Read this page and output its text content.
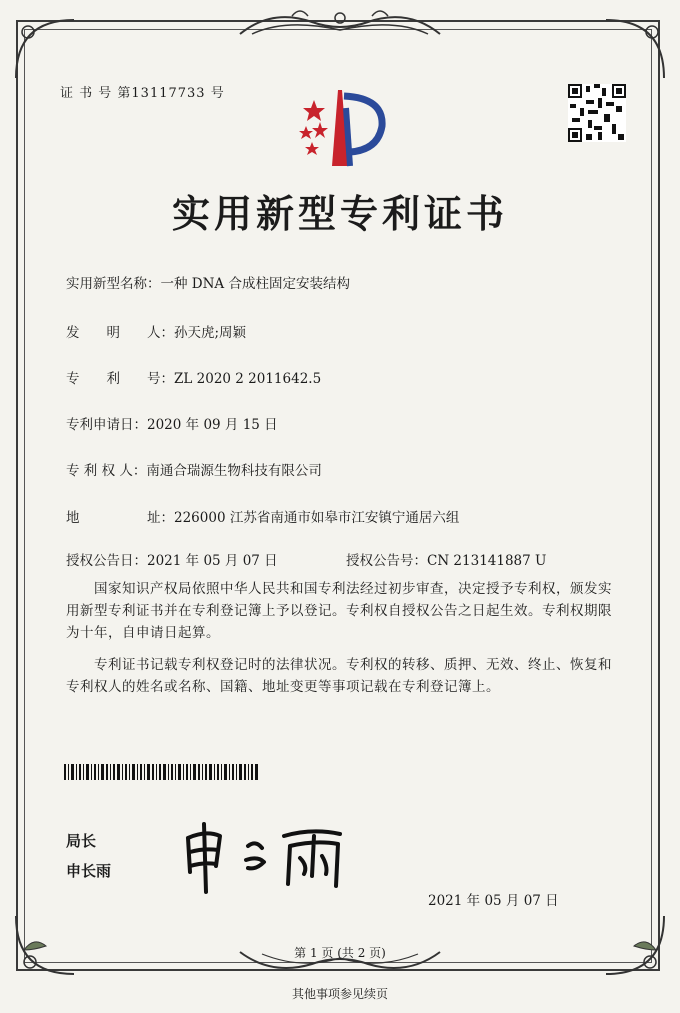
证 书 号 第13117733 号
实用新型专利证书
实用新型名称：一种 DNA 合成柱固定安装结构
发　　明　　人：孙天虎;周颖
专　　利　　号：ZL 2020 2 2011642.5
专利申请日：2020 年 09 月 15 日
专 利 权 人：南通合瑞源生物科技有限公司
地　　　　　址：226000 江苏省南通市如皋市江安镇宁通居六组
授权公告日：2021 年 05 月 07 日	授权公告号：CN 213141887 U
国家知识产权局依照中华人民共和国专利法经过初步审查，决定授予专利权，颁发实用新型专利证书并在专利登记簿上予以登记。专利权自授权公告之日起生效。专利权期限为十年，自申请日起算。
专利证书记载专利权登记时的法律状况。专利权的转移、质押、无效、终止、恢复和专利权人的姓名或名称、国籍、地址变更等事项记载在专利登记簿上。
局长
申长雨
2021 年 05 月 07 日
第 1 页 (共 2 页)
其他事项参见续页
